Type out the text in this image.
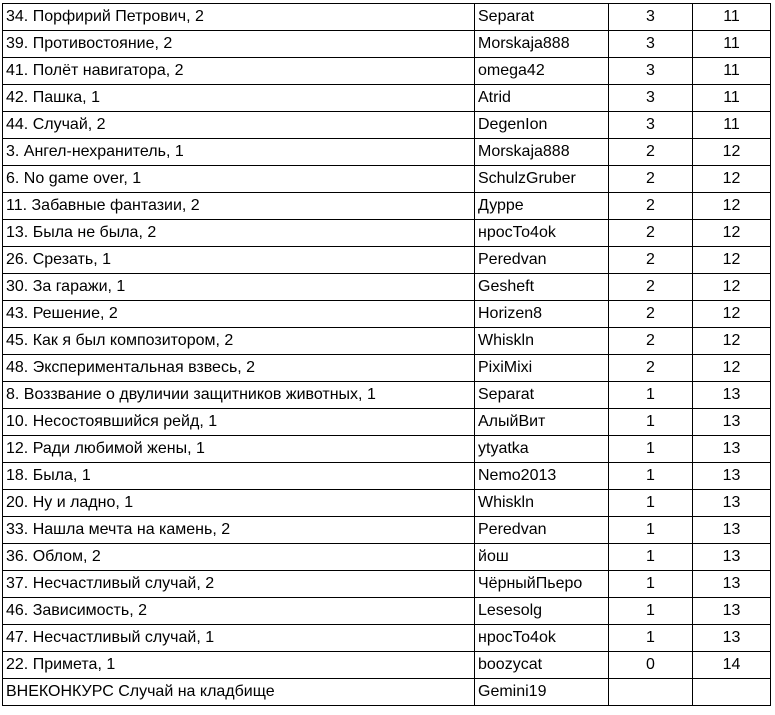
34. Порфирий Петрович, 2	Separat	3	11
39. Противостояние, 2	Morskaja888	3	11
41. Полёт навигатора, 2	omega42	3	11
42. Пашка, 1	Atrid	3	11
44. Случай, 2	DegenIon	3	11
3. Ангел-нехранитель, 1	Morskaja888	2	12
6. No game over, 1	SchulzGruber	2	12
11. Забавные фантазии, 2	Дурре	2	12
13. Была не была, 2	нросТо4ok	2	12
26. Срезать, 1	Peredvan	2	12
30. За гаражи, 1	Gesheft	2	12
43. Решение, 2	Horizen8	2	12
45. Как я был композитором, 2	Whiskln	2	12
48. Экспериментальная взвесь, 2	PixiMixi	2	12
8. Воззвание о двуличии защитников животных, 1	Separat	1	13
10. Несостоявшийся рейд, 1	АлыйВит	1	13
12. Ради любимой жены, 1	ytyatka	1	13
18. Была, 1	Nemo2013	1	13
20. Ну и ладно, 1	Whiskln	1	13
33. Нашла мечта на камень, 2	Peredvan	1	13
36. Облом, 2	йош	1	13
37. Несчастливый случай, 2	ЧёрныйПьеро	1	13
46. Зависимость, 2	Lesesolg	1	13
47. Несчастливый случай, 1	нросТо4ok	1	13
22. Примета, 1	boozycat	0	14
ВНЕКОНКУРС Случай на кладбище	Gemini19		
